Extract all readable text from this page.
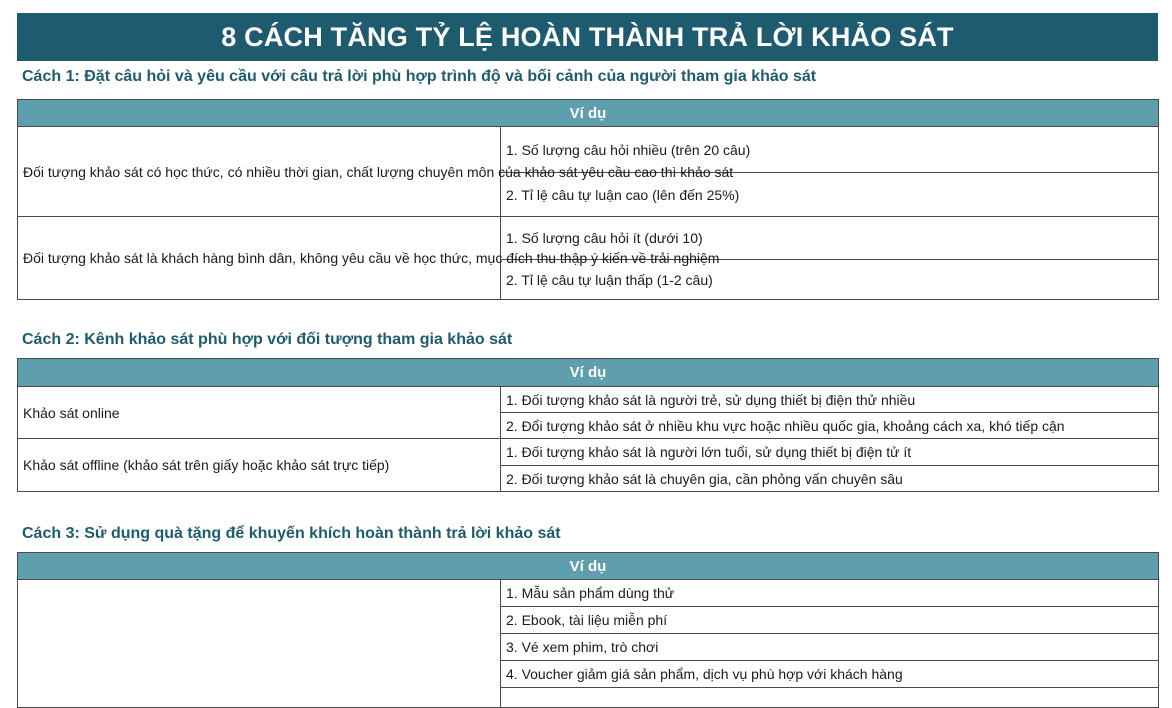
8 CÁCH TĂNG TỶ LỆ HOÀN THÀNH TRẢ LỜI KHẢO SÁT
Cách 1: Đặt câu hỏi và yêu cầu với câu trả lời phù hợp trình độ và bối cảnh của người tham gia khảo sát
Ví dụ	
Đối tượng khảo sát có học thức, có nhiều thời gian, chất lượng chuyên môn của khảo sát yêu cầu cao thì khảo sát	1. Số lượng câu hỏi nhiều (trên 20 câu)
	2. Tỉ lệ câu tự luận cao (lên đến 25%)
Đối tượng khảo sát là khách hàng bình dân, không yêu cầu về học thức, mục đích thu thập ý kiến về trải nghiệm	1. Số lượng câu hỏi ít (dưới 10)
	2. Tỉ lệ câu tự luận thấp (1-2 câu)
Cách 2: Kênh khảo sát phù hợp với đối tượng tham gia khảo sát
Ví dụ	
Khảo sát online	1. Đối tượng khảo sát là người trẻ, sử dụng thiết bị điện thử nhiều
	2. Đổi tượng khảo sát ở nhiều khu vực hoặc nhiều quốc gia, khoảng cách xa, khó tiếp cận
Khảo sát offline (khảo sát trên giấy hoặc khảo sát trực tiếp)	1. Đối tượng khảo sát là người lớn tuổi, sử dụng thiết bị điện tử ít
	2. Đối tượng khảo sát là chuyên gia, cần phỏng vấn chuyên sâu
Cách 3: Sử dụng quà tặng để khuyến khích hoàn thành trả lời khảo sát
Ví dụ
	1. Mẫu sản phẩm dùng thử
2. Ebook, tài liệu miễn phí
3. Vé xem phim, trò chơi
4. Voucher giảm giá sản phẩm, dịch vụ phù hợp với khách hàng
